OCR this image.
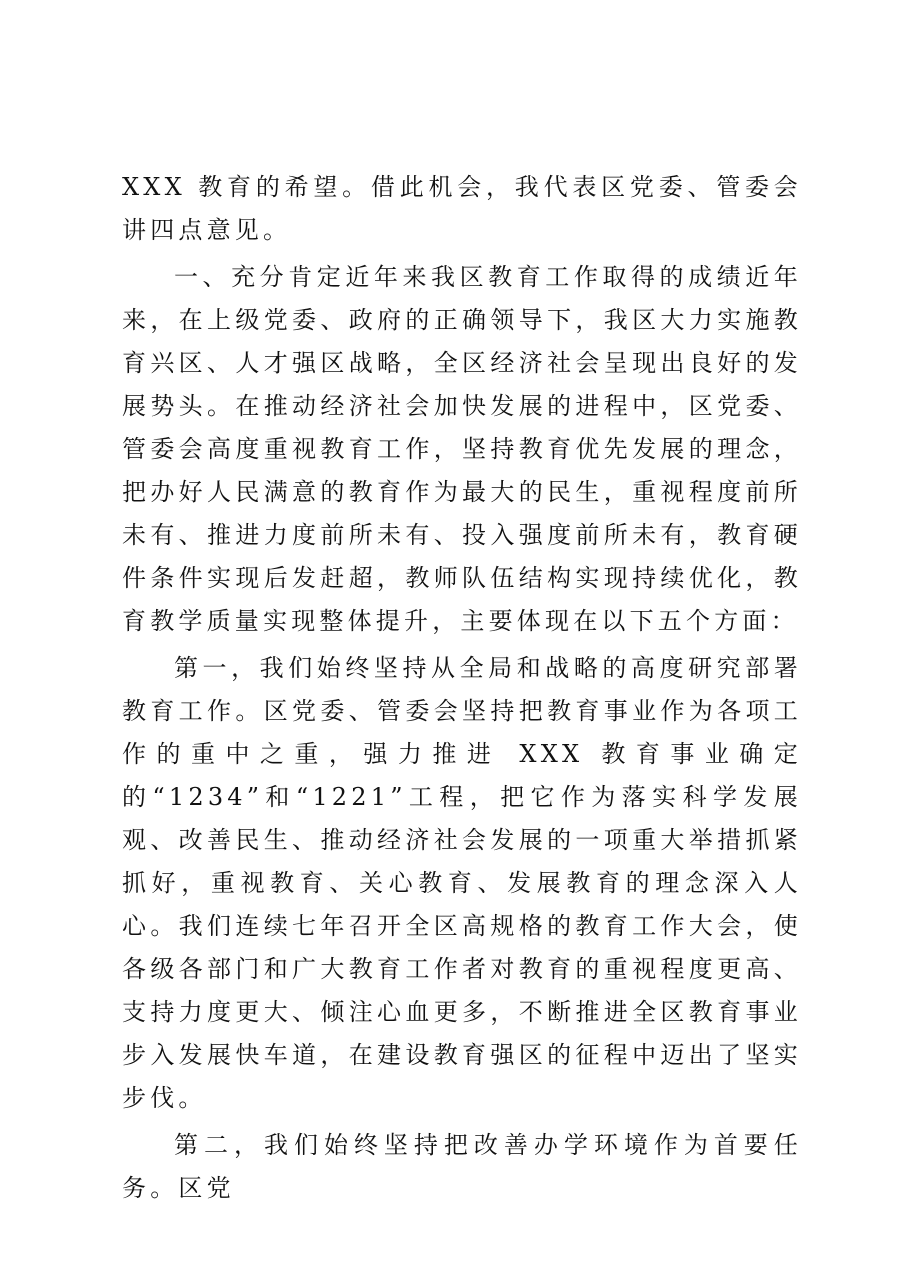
XXX 教育的希望。借此机会，我代表区党委、管委会讲四点意见。

一、充分肯定近年来我区教育工作取得的成绩近年来，在上级党委、政府的正确领导下，我区大力实施教育兴区、人才强区战略，全区经济社会呈现出良好的发展势头。在推动经济社会加快发展的进程中，区党委、管委会高度重视教育工作，坚持教育优先发展的理念，把办好人民满意的教育作为最大的民生，重视程度前所未有、推进力度前所未有、投入强度前所未有，教育硬件条件实现后发赶超，教师队伍结构实现持续优化，教育教学质量实现整体提升，主要体现在以下五个方面：

第一，我们始终坚持从全局和战略的高度研究部署教育工作。区党委、管委会坚持把教育事业作为各项工作的重中之重，强力推进 XXX 教育事业确定的“1234”和“1221”工程，把它作为落实科学发展观、改善民生、推动经济社会发展的一项重大举措抓紧抓好，重视教育、关心教育、发展教育的理念深入人心。我们连续七年召开全区高规格的教育工作大会，使各级各部门和广大教育工作者对教育的重视程度更高、支持力度更大、倾注心血更多，不断推进全区教育事业步入发展快车道，在建设教育强区的征程中迈出了坚实步伐。

第二，我们始终坚持把改善办学环境作为首要任务。区党
